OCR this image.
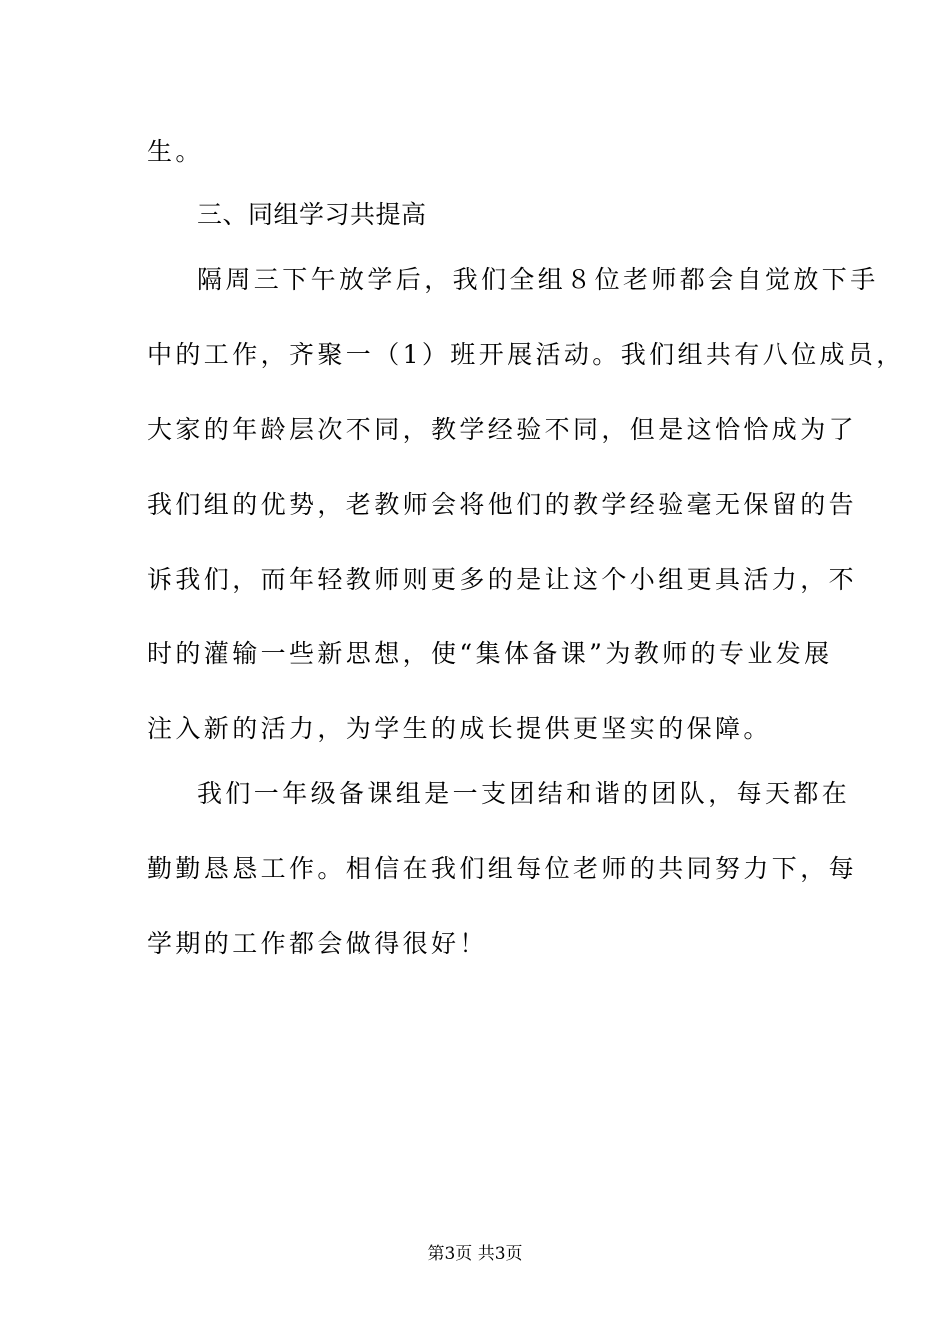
生。
三、同组学习共提高
隔周三下午放学后，我们全组８位老师都会自觉放下手
中的工作，齐聚一（1）班开展活动。我们组共有八位成员，
大家的年龄层次不同，教学经验不同，但是这恰恰成为了
我们组的优势，老教师会将他们的教学经验毫无保留的告
诉我们，而年轻教师则更多的是让这个小组更具活力，不
时的灌输一些新思想，使“集体备课”为教师的专业发展
注入新的活力，为学生的成长提供更坚实的保障。
我们一年级备课组是一支团结和谐的团队，每天都在
勤勤恳恳工作。相信在我们组每位老师的共同努力下，每
学期的工作都会做得很好！
第3页 共3页
